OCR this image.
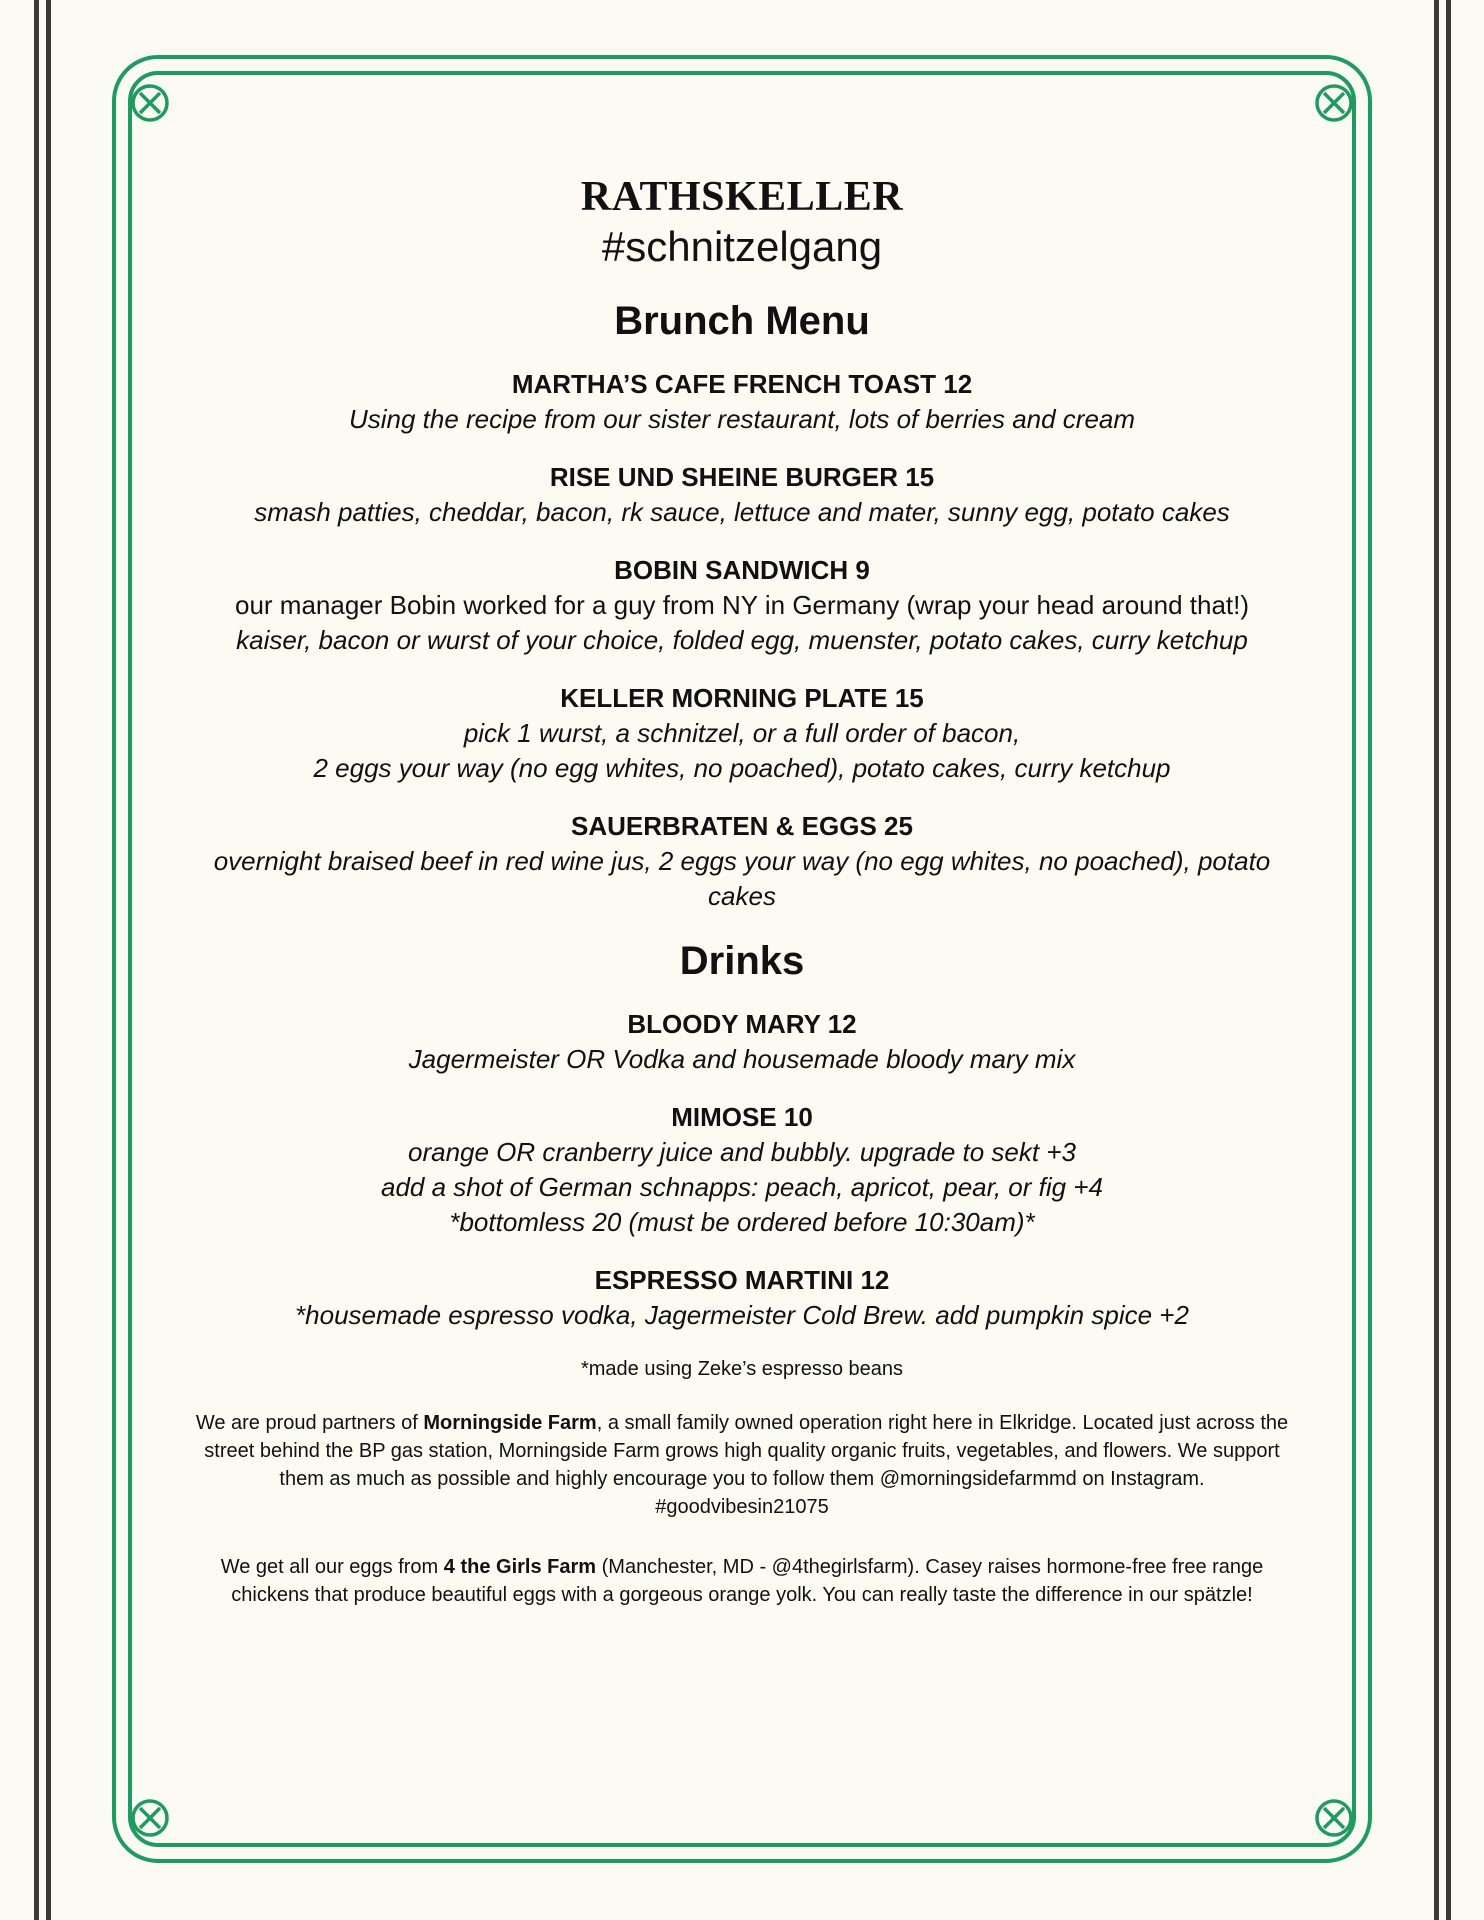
RATHSKELLER
#schnitzelgang
Brunch Menu
MARTHA’S CAFE FRENCH TOAST 12
Using the recipe from our sister restaurant, lots of berries and cream
RISE UND SHEINE BURGER 15
smash patties, cheddar, bacon, rk sauce, lettuce and mater, sunny egg, potato cakes
BOBIN SANDWICH 9
our manager Bobin worked for a guy from NY in Germany (wrap your head around that!)
kaiser, bacon or wurst of your choice, folded egg, muenster, potato cakes, curry ketchup
KELLER MORNING PLATE 15
pick 1 wurst, a schnitzel, or a full order of bacon,
2 eggs your way (no egg whites, no poached), potato cakes, curry ketchup
SAUERBRATEN & EGGS 25
overnight braised beef in red wine jus, 2 eggs your way (no egg whites, no poached), potato
cakes
Drinks
BLOODY MARY 12
Jagermeister OR Vodka and housemade bloody mary mix
MIMOSE 10
orange OR cranberry juice and bubbly. upgrade to sekt +3
add a shot of German schnapps: peach, apricot, pear, or fig +4
*bottomless 20 (must be ordered before 10:30am)*
ESPRESSO MARTINI 12
*housemade espresso vodka, Jagermeister Cold Brew. add pumpkin spice +2
*made using Zeke’s espresso beans

We are proud partners of Morningside Farm, a small family owned operation right here in Elkridge. Located just across the street behind the BP gas station, Morningside Farm grows high quality organic fruits, vegetables, and flowers. We support them as much as possible and highly encourage you to follow them @morningsidefarmmd on Instagram. #goodvibesin21075

We get all our eggs from 4 the Girls Farm (Manchester, MD - @4thegirlsfarm). Casey raises hormone-free free range chickens that produce beautiful eggs with a gorgeous orange yolk. You can really taste the difference in our spätzle!
